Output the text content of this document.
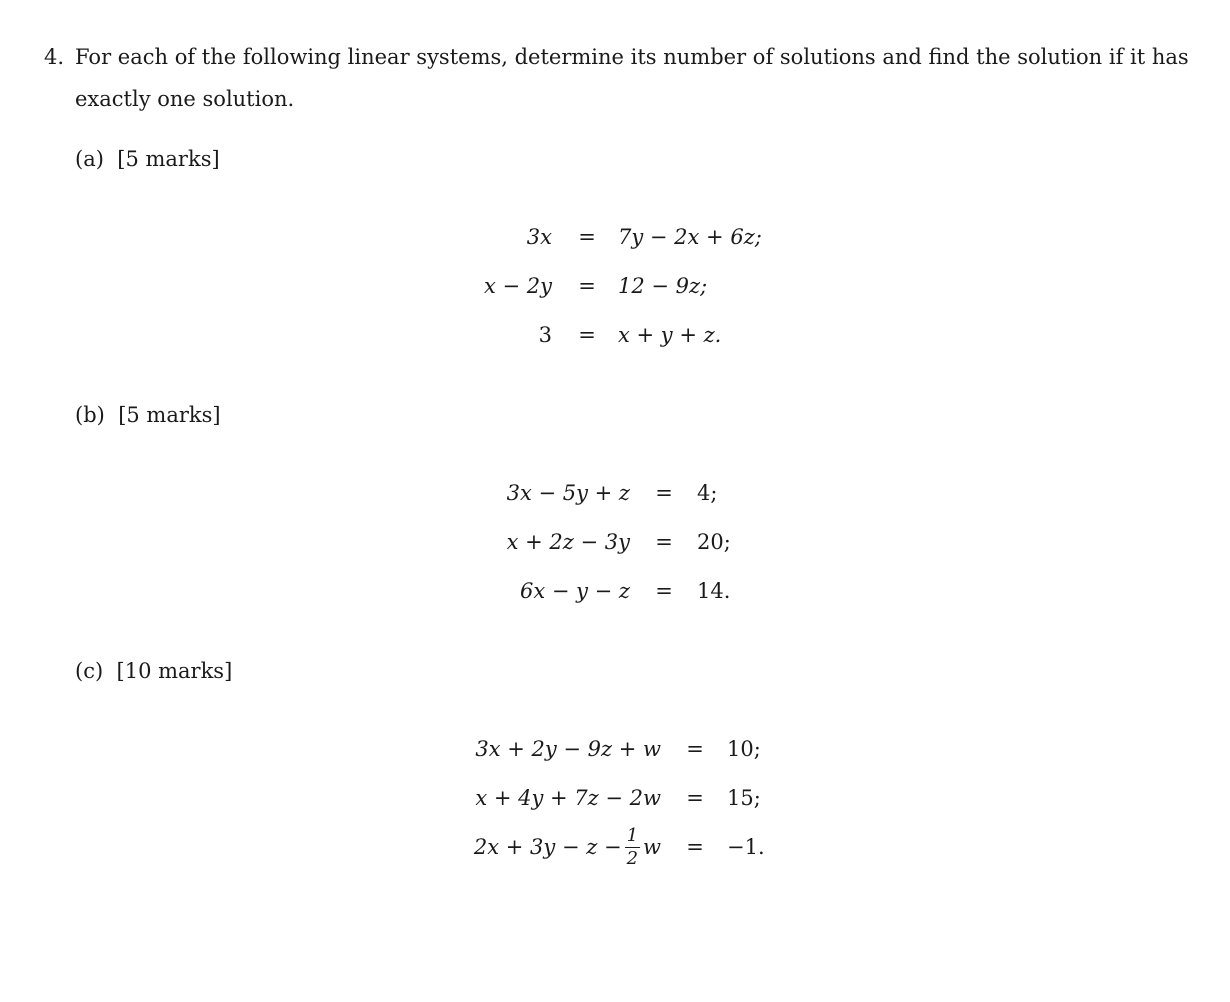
4. For each of the following linear systems, determine its number of solutions and find the solution if it has
exactly one solution.
(a) [5 marks]
3x = 7y − 2x + 6z;
x − 2y = 12 − 9z;
3 = x + y + z.
(b) [5 marks]
3x − 5y + z = 4;
x + 2z − 3y = 20;
6x − y − z = 14.
(c) [10 marks]
3x + 2y − 9z + w = 10;
x + 4y + 7z − 2w = 15;
$2x + 3y - z - \frac{1}{2}$ w = −1.
